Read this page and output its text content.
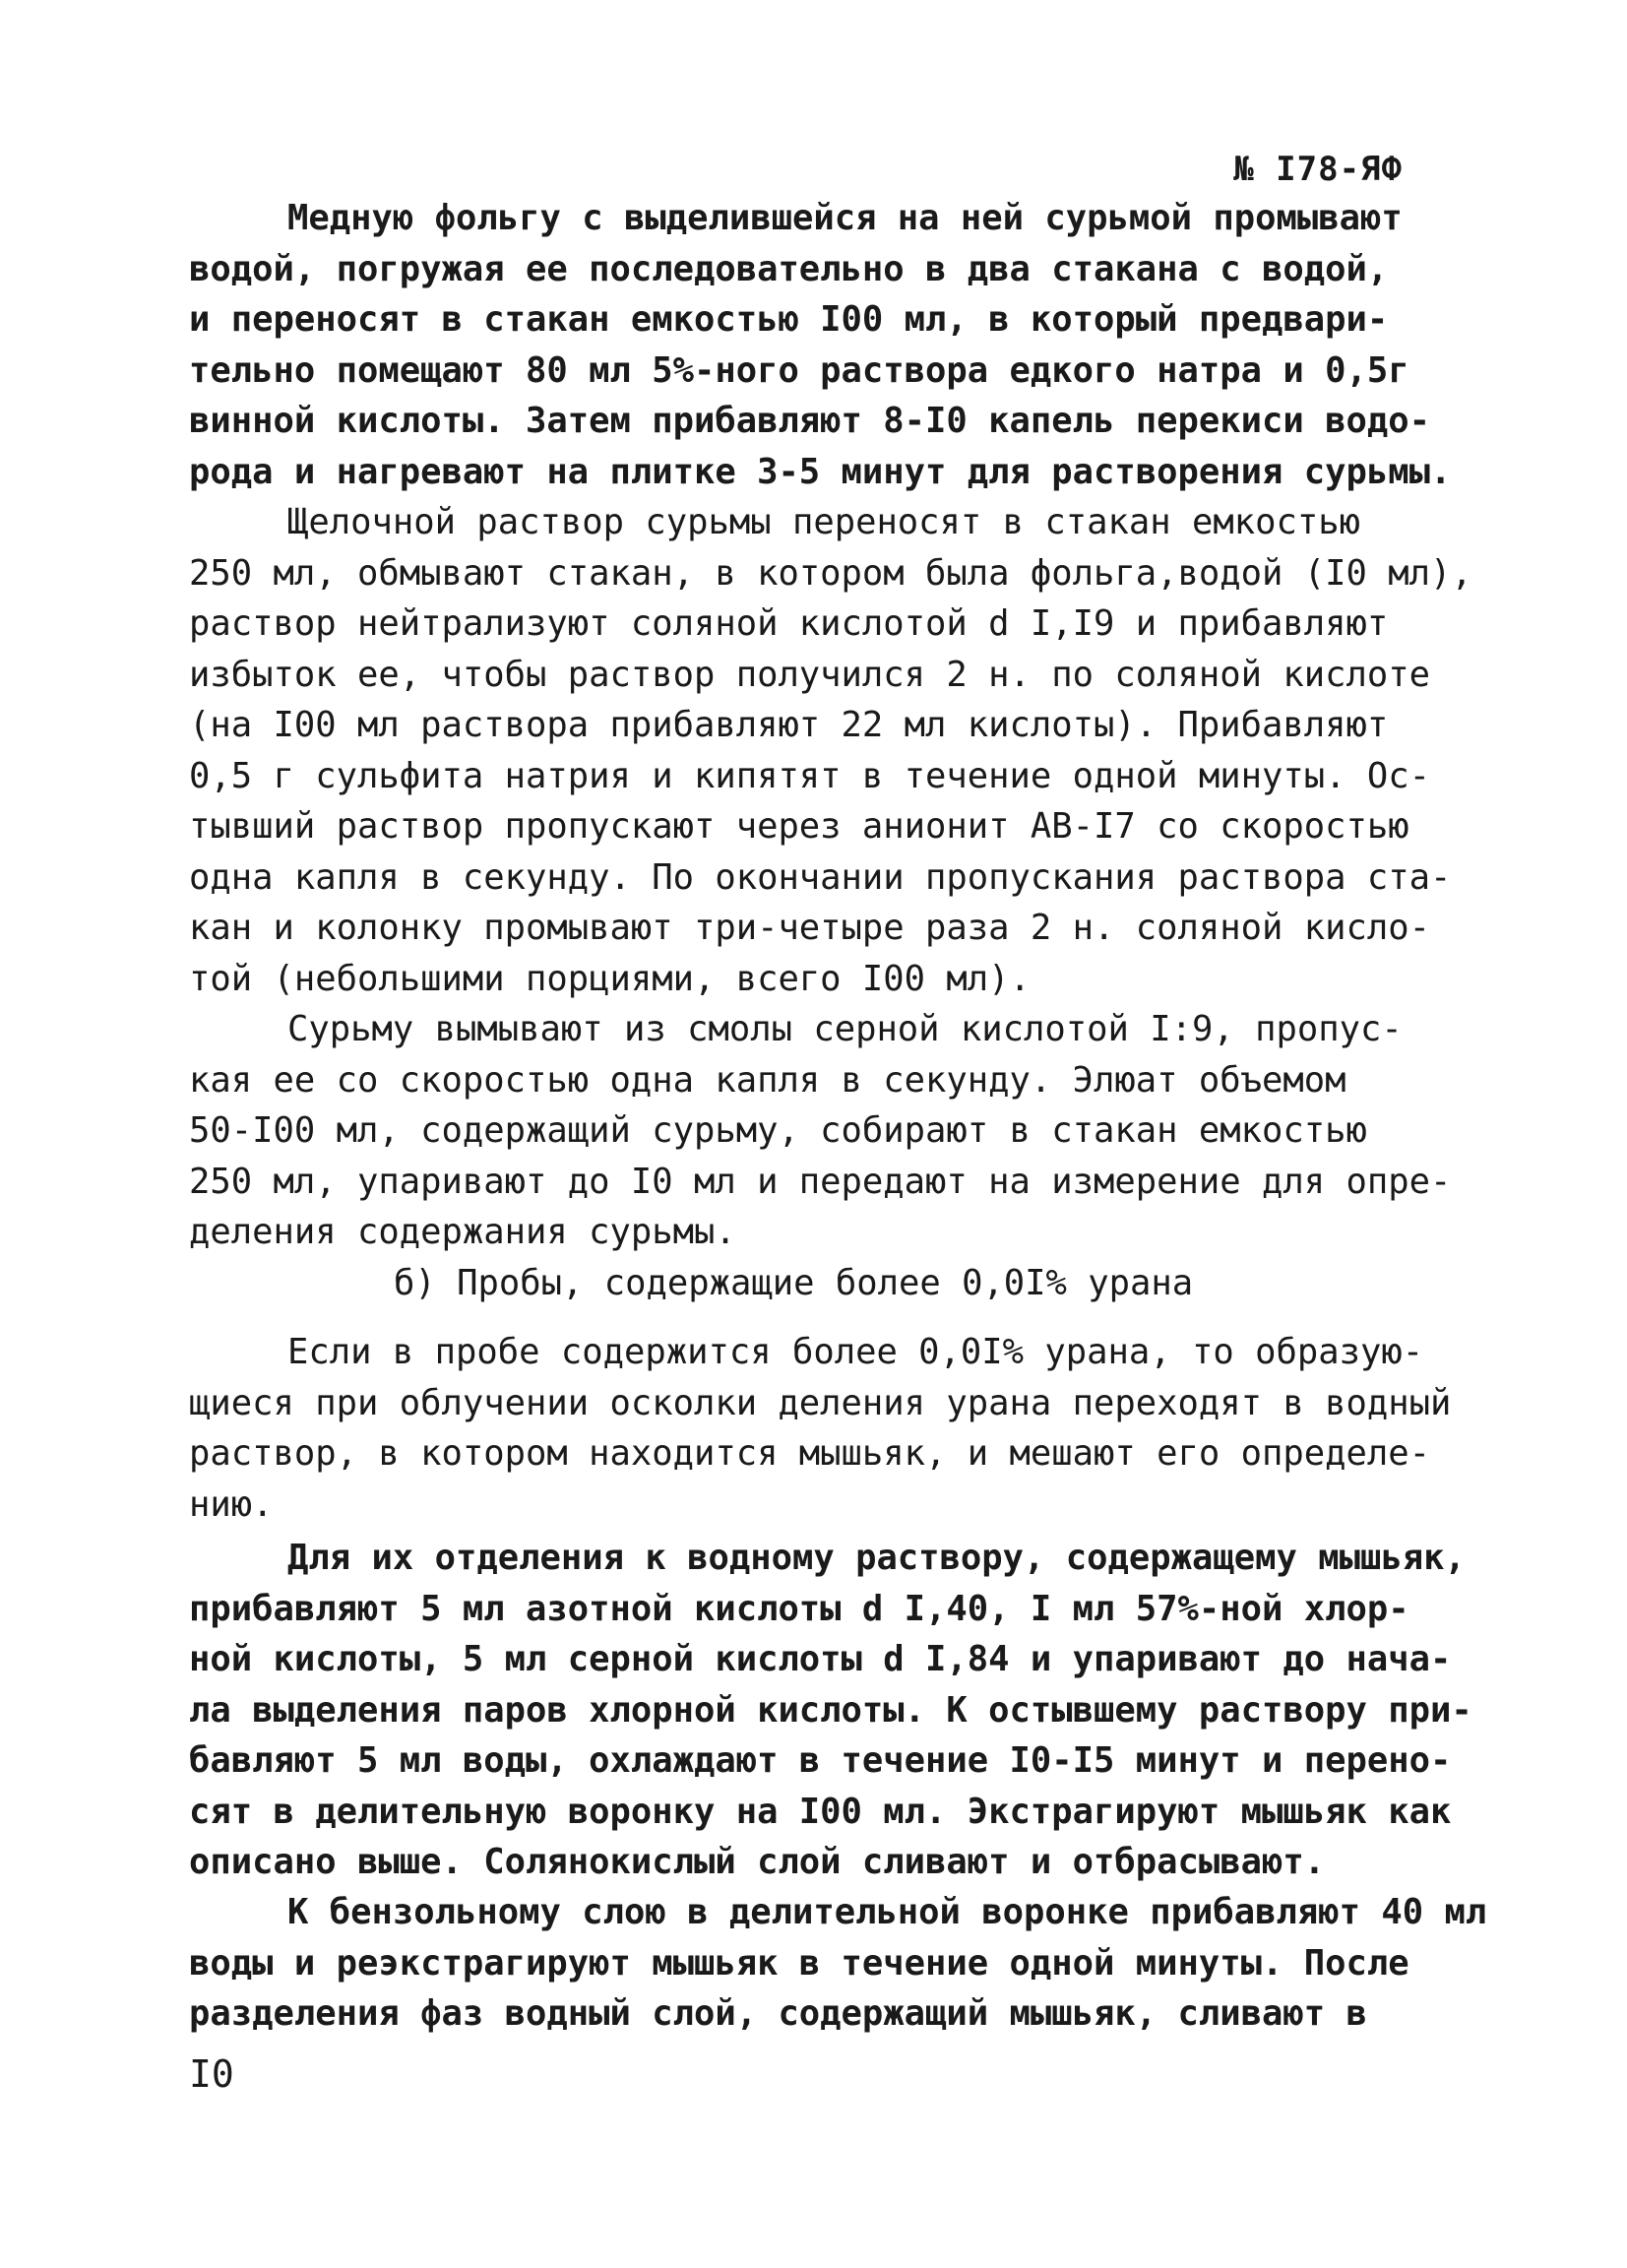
№ I78-ЯФ
Медную фольгу с выделившейся на ней сурьмой промывают
водой, погружая ее последовательно в два стакана с водой,
и переносят в стакан емкостью I00 мл, в который предвари-
тельно помещают 80 мл 5%-ного раствора едкого натра и 0,5г
винной кислоты. Затем прибавляют 8-I0 капель перекиси водо-
рода и нагревают на плитке 3-5 минут для растворения сурьмы.
Щелочной раствор сурьмы переносят в стакан емкостью
250 мл, обмывают стакан, в котором была фольга,водой (I0 мл),
раствор нейтрализуют соляной кислотой d I,I9 и прибавляют
избыток ее, чтобы раствор получился 2 н. по соляной кислоте
(на I00 мл раствора прибавляют 22 мл кислоты). Прибавляют
0,5 г сульфита натрия и кипятят в течение одной минуты. Ос-
тывший раствор пропускают через анионит АВ-I7 со скоростью
одна капля в секунду. По окончании пропускания раствора ста-
кан и колонку промывают три-четыре раза 2 н. соляной кисло-
той (небольшими порциями, всего I00 мл).
Сурьму вымывают из смолы серной кислотой I:9, пропус-
кая ее со скоростью одна капля в секунду. Элюат объемом
50-I00 мл, содержащий сурьму, собирают в стакан емкостью
250 мл, упаривают до I0 мл и передают на измерение для опре-
деления содержания сурьмы.
б) Пробы, содержащие более 0,0I% урана
Если в пробе содержится более 0,0I% урана, то образую-
щиеся при облучении осколки деления урана переходят в водный
раствор, в котором находится мышьяк, и мешают его определе-
нию.
Для их отделения к водному раствору, содержащему мышьяк,
прибавляют 5 мл азотной кислоты d I,40, I мл 57%-ной хлор-
ной кислоты, 5 мл серной кислоты d I,84 и упаривают до нача-
ла выделения паров хлорной кислоты. К остывшему раствору при-
бавляют 5 мл воды, охлаждают в течение I0-I5 минут и перено-
сят в делительную воронку на I00 мл. Экстрагируют мышьяк как
описано выше. Солянокислый слой сливают и отбрасывают.
К бензольному слою в делительной воронке прибавляют 40 мл
воды и реэкстрагируют мышьяк в течение одной минуты. После
разделения фаз водный слой, содержащий мышьяк, сливают в
I0
